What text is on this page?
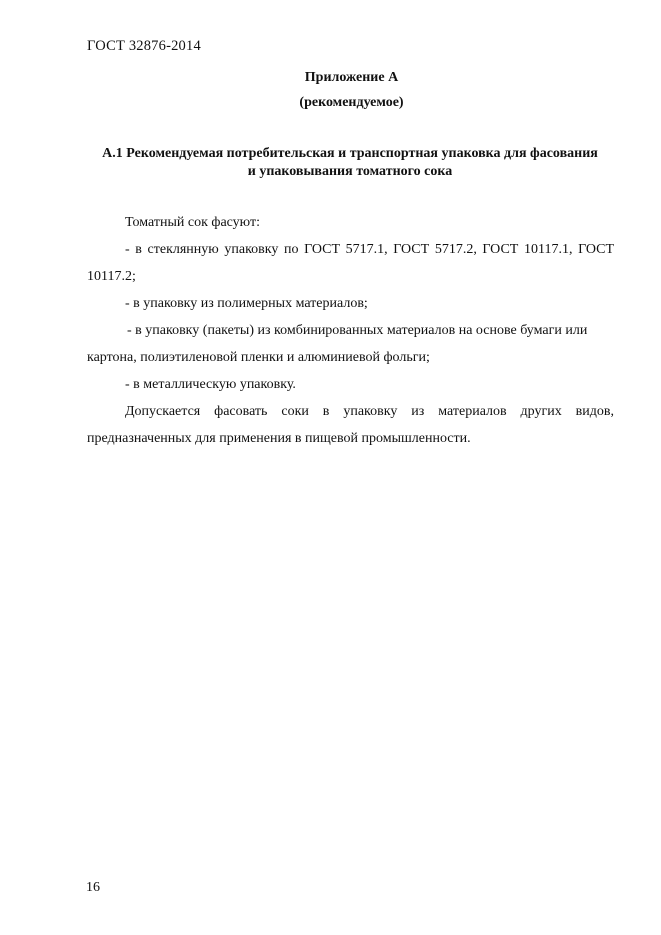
ГОСТ 32876-2014
Приложение А
(рекомендуемое)
А.1 Рекомендуемая потребительская и транспортная упаковка для фасования и упаковывания томатного сока

Томатный сок фасуют:

- в стеклянную упаковку по ГОСТ 5717.1, ГОСТ 5717.2, ГОСТ 10117.1, ГОСТ 10117.2;

- в упаковку из полимерных материалов;

- в упаковку (пакеты) из комбинированных материалов на основе бумаги или картона, полиэтиленовой пленки и алюминиевой фольги;

- в металлическую упаковку.

Допускается фасовать соки в упаковку из материалов других видов, предназначенных для применения в пищевой промышленности.

16
